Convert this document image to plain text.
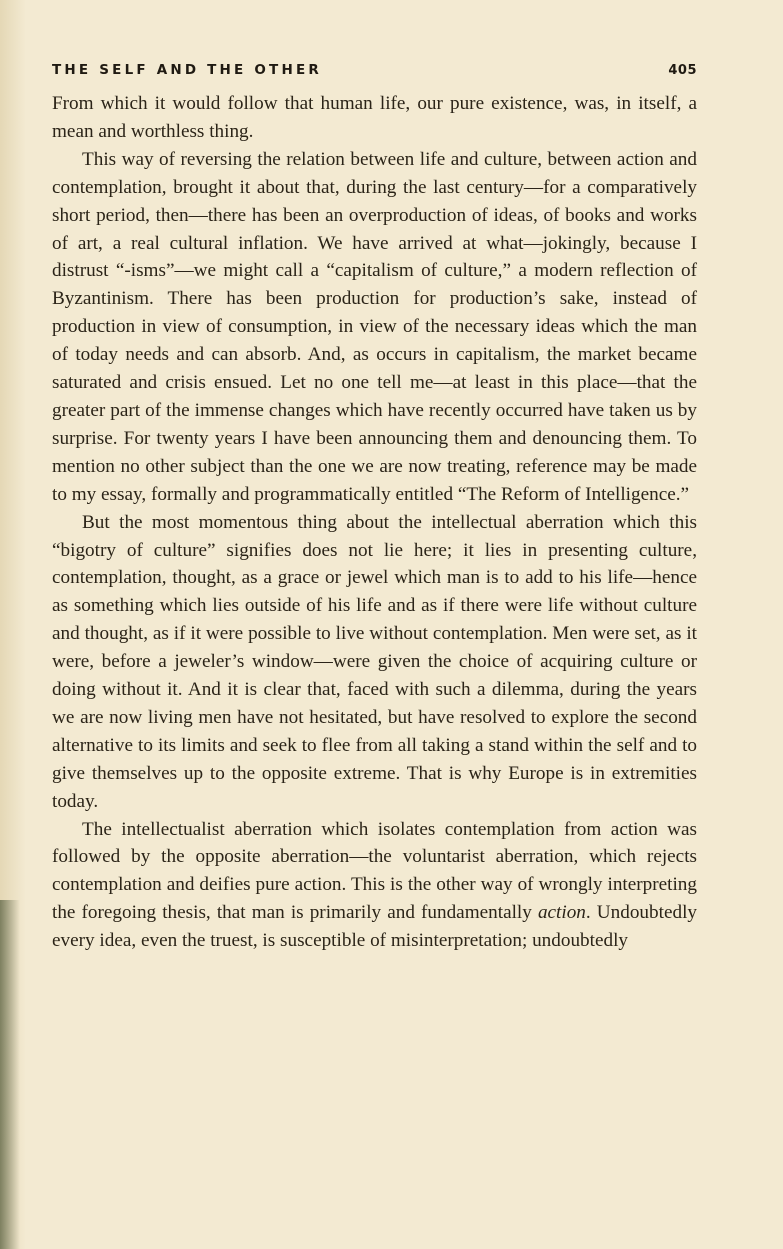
THE SELF AND THE OTHER	405

From which it would follow that human life, our pure existence, was, in itself, a mean and worthless thing.

This way of reversing the relation between life and culture, between action and contemplation, brought it about that, during the last century—for a comparatively short period, then—there has been an overproduction of ideas, of books and works of art, a real cultural inflation. We have arrived at what—jokingly, because I distrust “-isms”—we might call a “capitalism of culture,” a modern reflection of Byzantinism. There has been production for production’s sake, instead of production in view of consumption, in view of the necessary ideas which the man of today needs and can absorb. And, as occurs in capitalism, the market became saturated and crisis ensued. Let no one tell me—at least in this place—that the greater part of the immense changes which have recently occurred have taken us by surprise. For twenty years I have been announcing them and denouncing them. To mention no other subject than the one we are now treating, reference may be made to my essay, formally and programmatically entitled “The Reform of Intelligence.”

But the most momentous thing about the intellectual aberration which this “bigotry of culture” signifies does not lie here; it lies in presenting culture, contemplation, thought, as a grace or jewel which man is to add to his life—hence as something which lies outside of his life and as if there were life without culture and thought, as if it were possible to live without contemplation. Men were set, as it were, before a jeweler’s window—were given the choice of acquiring culture or doing without it. And it is clear that, faced with such a dilemma, during the years we are now living men have not hesitated, but have resolved to explore the second alternative to its limits and seek to flee from all taking a stand within the self and to give themselves up to the opposite extreme. That is why Europe is in extremities today.

The intellectualist aberration which isolates contemplation from action was followed by the opposite aberration—the voluntarist aberration, which rejects contemplation and deifies pure action. This is the other way of wrongly interpreting the foregoing thesis, that man is primarily and fundamentally action. Undoubtedly every idea, even the truest, is susceptible of misinterpretation; undoubtedly
